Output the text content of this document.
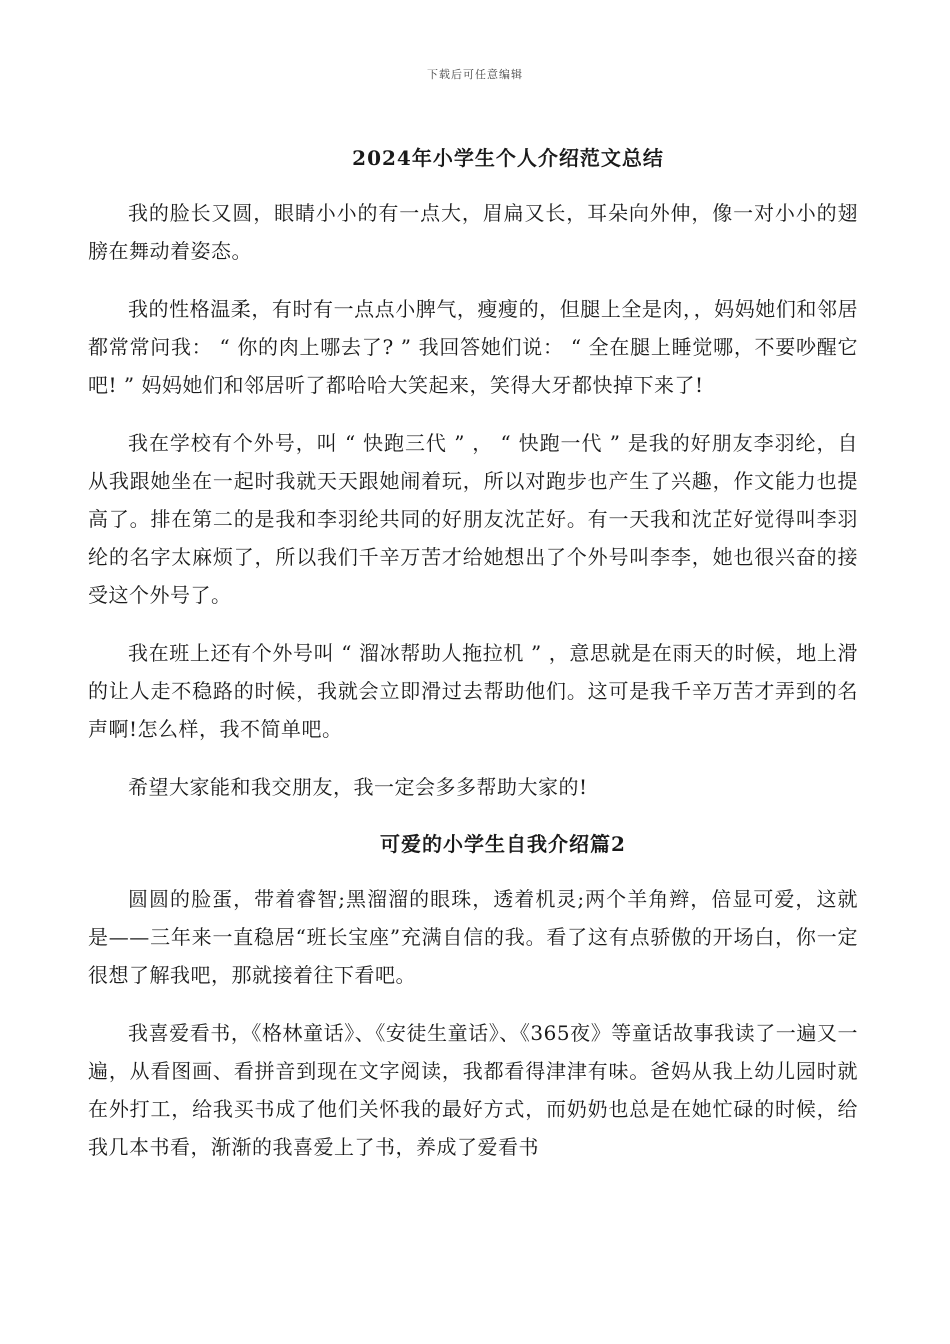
下载后可任意编辑
2024年小学生个人介绍范文总结

我的脸长又圆，眼睛小小的有一点大，眉扁又长，耳朵向外伸，像一对小小的翅膀在舞动着姿态。

我的性格温柔，有时有一点点小脾气，瘦瘦的，但腿上全是肉，，妈妈她们和邻居都常常问我： “ 你的肉上哪去了? ” 我回答她们说： “ 全在腿上睡觉哪，不要吵醒它吧! ” 妈妈她们和邻居听了都哈哈大笑起来，笑得大牙都快掉下来了!

我在学校有个外号，叫 “ 快跑三代 ” ， “ 快跑一代 ” 是我的好朋友李羽纶，自从我跟她坐在一起时我就天天跟她闹着玩，所以对跑步也产生了兴趣，作文能力也提高了。排在第二的是我和李羽纶共同的好朋友沈芷好。有一天我和沈芷好觉得叫李羽纶的名字太麻烦了，所以我们千辛万苦才给她想出了个外号叫李李，她也很兴奋的接受这个外号了。

我在班上还有个外号叫 “ 溜冰帮助人拖拉机 ” ，意思就是在雨天的时候，地上滑的让人走不稳路的时候，我就会立即滑过去帮助他们。这可是我千辛万苦才弄到的名声啊!怎么样，我不简单吧。

希望大家能和我交朋友，我一定会多多帮助大家的!

可爱的小学生自我介绍篇2

圆圆的脸蛋，带着睿智;黑溜溜的眼珠，透着机灵;两个羊角辫，倍显可爱，这就是——三年来一直稳居“班长宝座”充满自信的我。看了这有点骄傲的开场白，你一定很想了解我吧，那就接着往下看吧。

我喜爱看书，《格林童话》、《安徒生童话》、《365夜》等童话故事我读了一遍又一遍，从看图画、看拼音到现在文字阅读，我都看得津津有味。爸妈从我上幼儿园时就在外打工，给我买书成了他们关怀我的最好方式，而奶奶也总是在她忙碌的时候，给我几本书看，渐渐的我喜爱上了书，养成了爱看书
